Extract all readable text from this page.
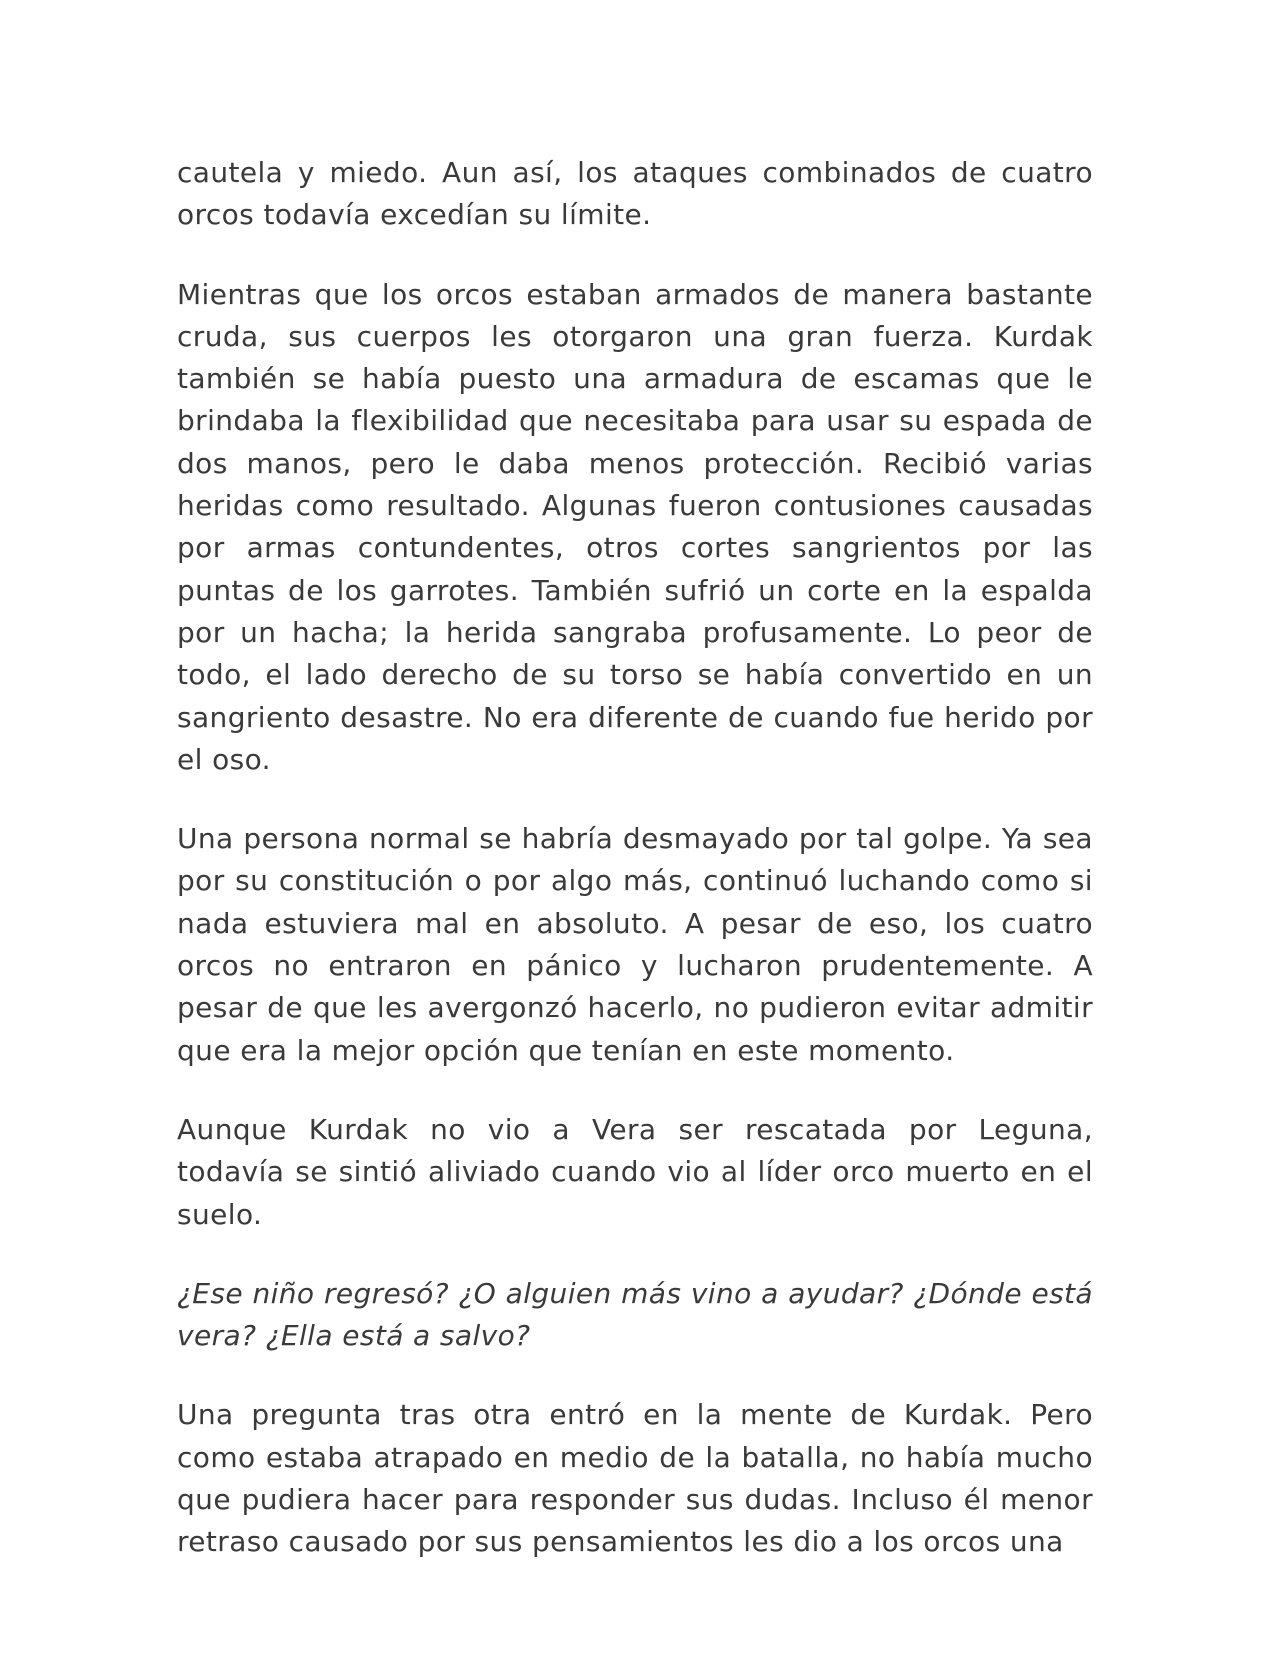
cautela y miedo. Aun así, los ataques combinados de cuatro orcos todavía excedían su límite.

Mientras que los orcos estaban armados de manera bastante cruda, sus cuerpos les otorgaron una gran fuerza. Kurdak también se había puesto una armadura de escamas que le brindaba la flexibilidad que necesitaba para usar su espada de dos manos, pero le daba menos protección. Recibió varias heridas como resultado. Algunas fueron contusiones causadas por armas contundentes, otros cortes sangrientos por las puntas de los garrotes. También sufrió un corte en la espalda por un hacha; la herida sangraba profusamente. Lo peor de todo, el lado derecho de su torso se había convertido en un sangriento desastre. No era diferente de cuando fue herido por el oso.

Una persona normal se habría desmayado por tal golpe. Ya sea por su constitución o por algo más, continuó luchando como si nada estuviera mal en absoluto. A pesar de eso, los cuatro orcos no entraron en pánico y lucharon prudentemente. A pesar de que les avergonzó hacerlo, no pudieron evitar admitir que era la mejor opción que tenían en este momento.

Aunque Kurdak no vio a Vera ser rescatada por Leguna, todavía se sintió aliviado cuando vio al líder orco muerto en el suelo.

¿Ese niño regresó? ¿O alguien más vino a ayudar? ¿Dónde está vera? ¿Ella está a salvo?

Una pregunta tras otra entró en la mente de Kurdak. Pero como estaba atrapado en medio de la batalla, no había mucho que pudiera hacer para responder sus dudas. Incluso él menor retraso causado por sus pensamientos les dio a los orcos una
